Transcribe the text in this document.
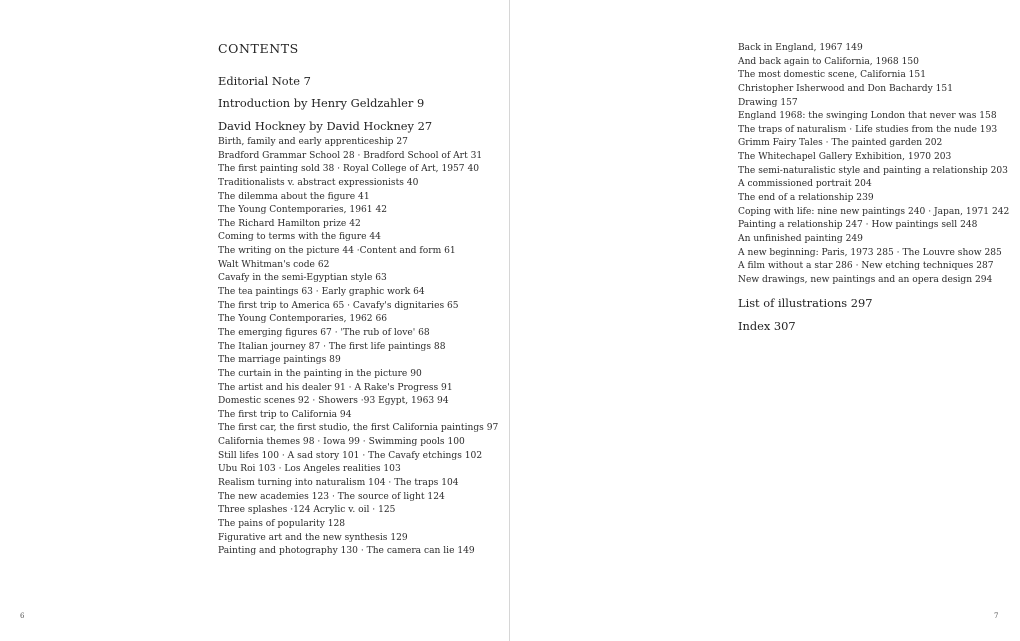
CONTENTS
Editorial Note 7
Introduction by Henry Geldzahler 9
David Hockney by David Hockney 27
Birth, family and early apprenticeship 27
Bradford Grammar School 28 · Bradford School of Art 31
The first painting sold 38 · Royal College of Art, 1957 40
Traditionalists v. abstract expressionists 40
The dilemma about the figure 41
The Young Contemporaries, 1961 42
The Richard Hamilton prize 42
Coming to terms with the figure 44
The writing on the picture 44 ·Content and form 61
Walt Whitman's code 62
Cavafy in the semi-Egyptian style 63
The tea paintings 63 · Early graphic work 64
The first trip to America 65 · Cavafy's dignitaries 65
The Young Contemporaries, 1962 66
The emerging figures 67 · 'The rub of love' 68
The Italian journey 87 · The first life paintings 88
The marriage paintings 89
The curtain in the painting in the picture 90
The artist and his dealer 91 · A Rake's Progress 91
Domestic scenes 92 · Showers ·93 Egypt, 1963 94
The first trip to California 94
The first car, the first studio, the first California paintings 97
California themes 98 · Iowa 99 · Swimming pools 100
Still lifes 100 · A sad story 101 · The Cavafy etchings 102
Ubu Roi 103 · Los Angeles realities 103
Realism turning into naturalism 104 · The traps 104
The new academies 123 · The source of light 124
Three splashes ·124 Acrylic v. oil · 125
The pains of popularity 128
Figurative art and the new synthesis 129
Painting and photography 130 · The camera can lie 149
6
Back in England, 1967 149
And back again to California, 1968 150
The most domestic scene, California 151
Christopher Isherwood and Don Bachardy 151
Drawing 157
England 1968: the swinging London that never was 158
The traps of naturalism · Life studies from the nude 193
Grimm Fairy Tales · The painted garden 202
The Whitechapel Gallery Exhibition, 1970 203
The semi-naturalistic style and painting a relationship 203
A commissioned portrait 204
The end of a relationship 239
Coping with life: nine new paintings 240 · Japan, 1971 242
Painting a relationship 247 · How paintings sell 248
An unfinished painting 249
A new beginning: Paris, 1973 285 · The Louvre show 285
A film without a star 286 · New etching techniques 287
New drawings, new paintings and an opera design 294
List of illustrations 297
Index 307
7
